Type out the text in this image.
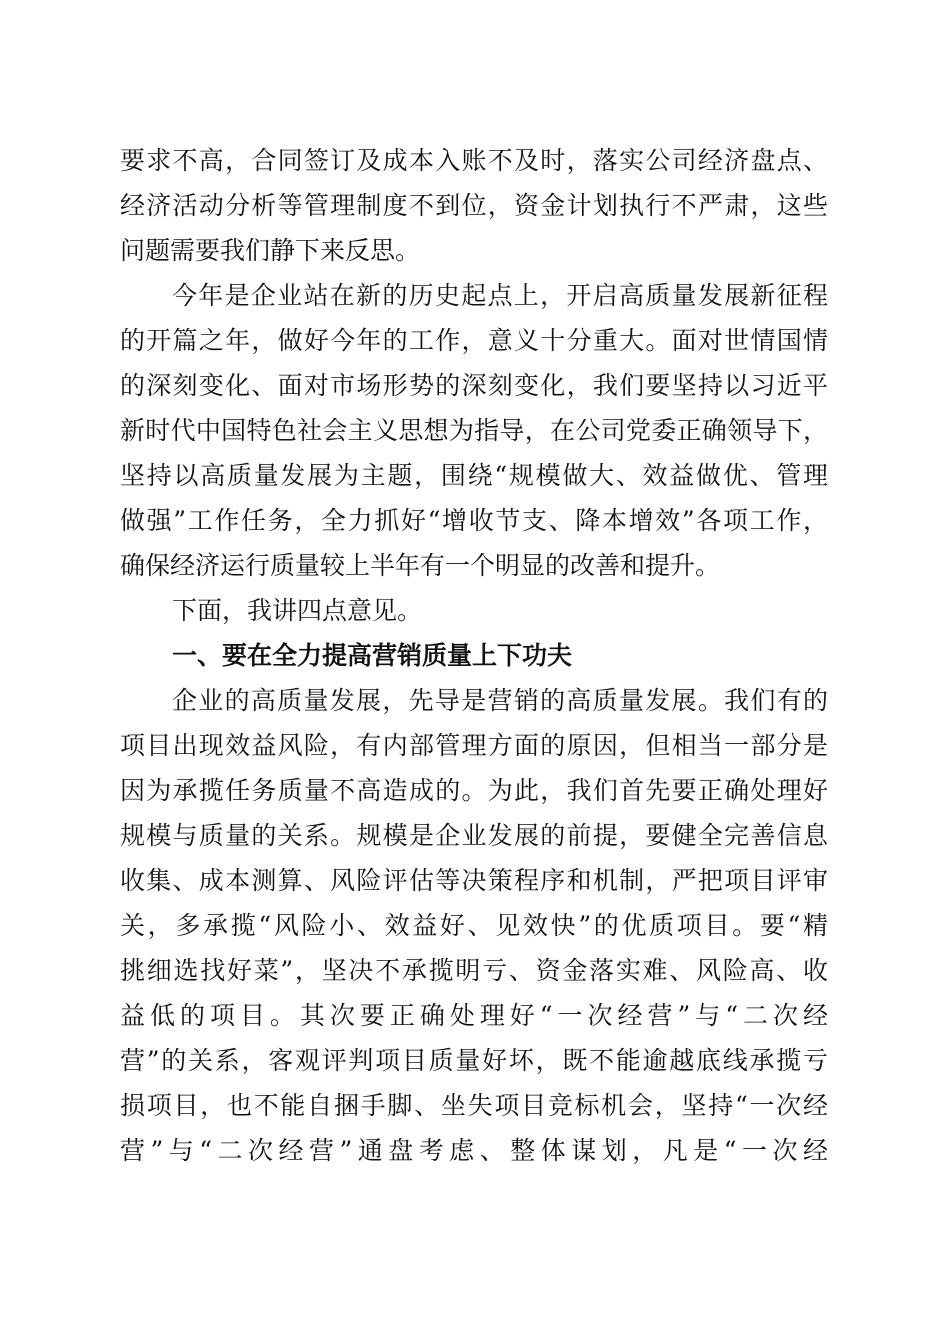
要求不高，合同签订及成本入账不及时，落实公司经济盘点、
经济活动分析等管理制度不到位，资金计划执行不严肃，这些
问题需要我们静下来反思。
今年是企业站在新的历史起点上，开启高质量发展新征程
的开篇之年，做好今年的工作，意义十分重大。面对世情国情
的深刻变化、面对市场形势的深刻变化，我们要坚持以习近平
新时代中国特色社会主义思想为指导，在公司党委正确领导下，
坚持以高质量发展为主题，围绕“规模做大、效益做优、管理
做强”工作任务，全力抓好“增收节支、降本增效”各项工作，
确保经济运行质量较上半年有一个明显的改善和提升。
下面，我讲四点意见。
一、要在全力提高营销质量上下功夫
企业的高质量发展，先导是营销的高质量发展。我们有的
项目出现效益风险，有内部管理方面的原因，但相当一部分是
因为承揽任务质量不高造成的。为此，我们首先要正确处理好
规模与质量的关系。规模是企业发展的前提，要健全完善信息
收集、成本测算、风险评估等决策程序和机制，严把项目评审
关，多承揽“风险小、效益好、见效快”的优质项目。要“精
挑细选找好菜”，坚决不承揽明亏、资金落实难、风险高、收
益低的项目。其次要正确处理好“一次经营”与“二次经
营”的关系，客观评判项目质量好坏，既不能逾越底线承揽亏
损项目，也不能自捆手脚、坐失项目竞标机会，坚持“一次经
营”与“二次经营”通盘考虑、整体谋划，凡是“一次经
